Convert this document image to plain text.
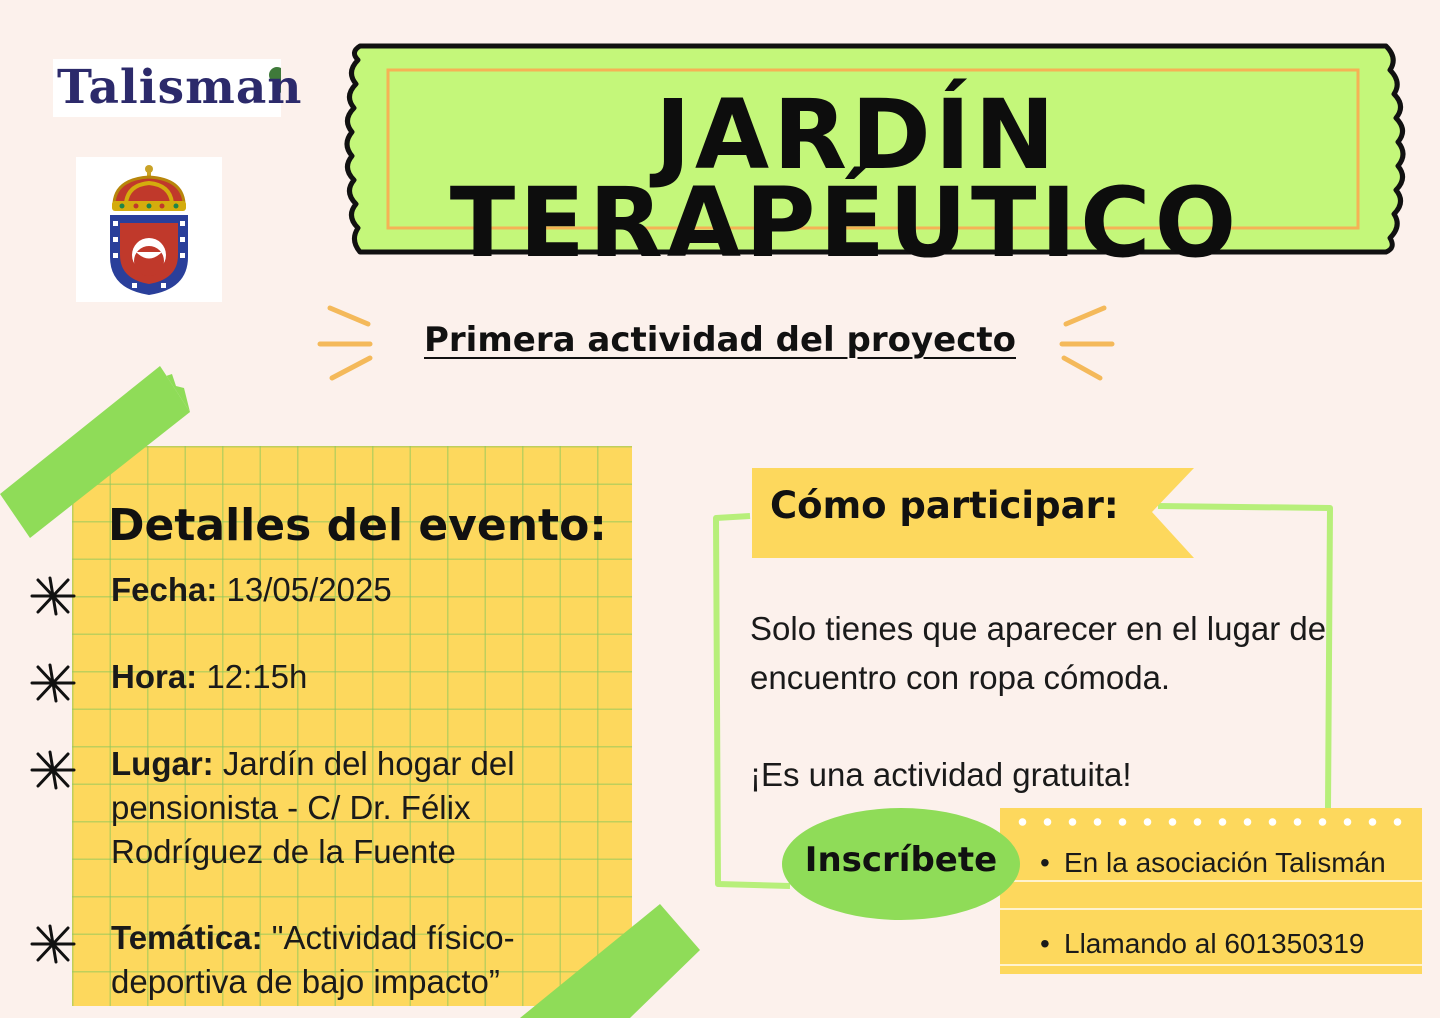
Talisman	JARDÍN
TERAPÉUTICO
Primera actividad del proyecto
Detalles del evento:
Fecha: 13/05/2025
Hora: 12:15h
Lugar: Jardín del hogar del pensionista - C/ Dr. Félix Rodríguez de la Fuente
Temática: "Actividad físico-deportiva de bajo impacto”
Cómo participar:
Solo tienes que aparecer en el lugar de encuentro con ropa cómoda.
¡Es una actividad gratuita!
• En la asociación Talismán
• Llamando al 601350319
Inscríbete
